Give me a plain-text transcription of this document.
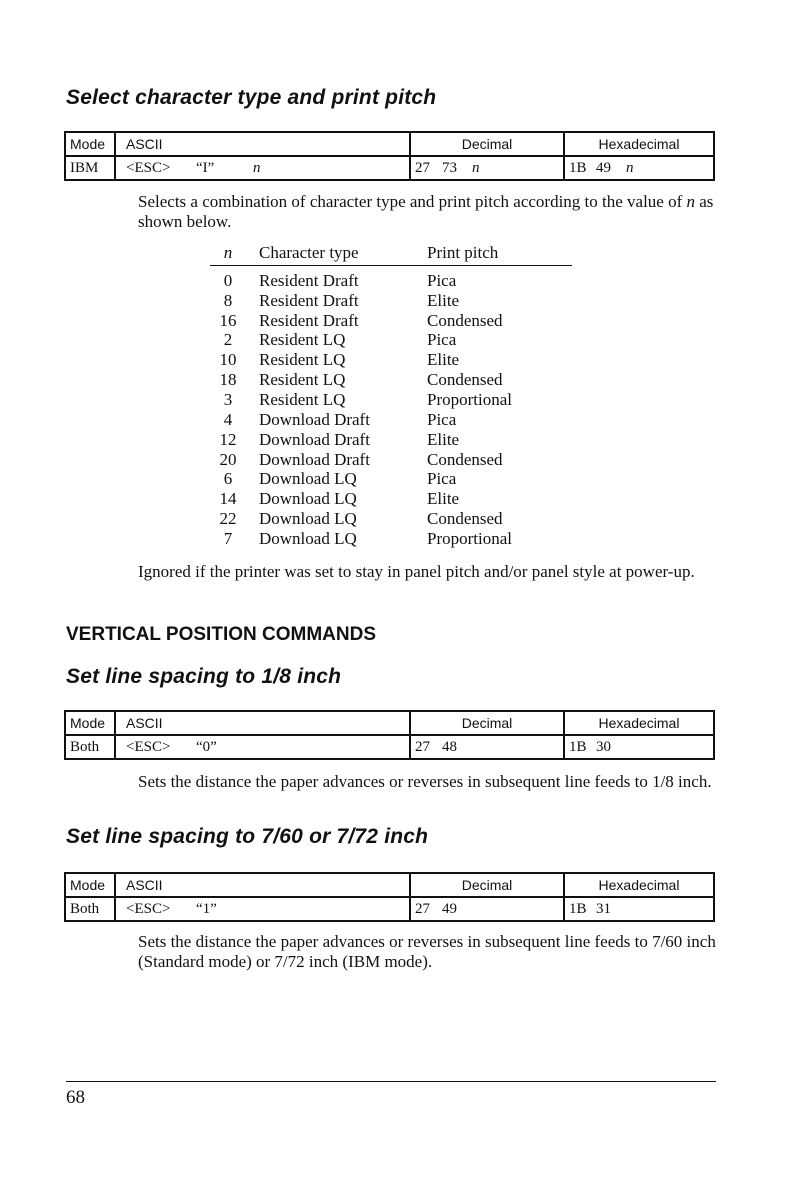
Select character type and print pitch
Mode	ASCII	Decimal	Hexadecimal
IBM	<ESC> “I” n	27 73 n	1B 49 n

Selects a combination of character type and print pitch according to the value of n as shown below.

n	Character type	Print pitch
0	Resident Draft	Pica
8	Resident Draft	Elite
16	Resident Draft	Condensed
2	Resident LQ	Pica
10	Resident LQ	Elite
18	Resident LQ	Condensed
3	Resident LQ	Proportional
4	Download Draft	Pica
12	Download Draft	Elite
20	Download Draft	Condensed
6	Download LQ	Pica
14	Download LQ	Elite
22	Download LQ	Condensed
7	Download LQ	Proportional

Ignored if the printer was set to stay in panel pitch and/or panel style at power-up.

VERTICAL POSITION COMMANDS
Set line spacing to 1/8 inch
Mode	ASCII	Decimal	Hexadecimal
Both	<ESC> “0”	27 48	1B 30

Sets the distance the paper advances or reverses in subsequent line feeds to 1/8 inch.

Set line spacing to 7/60 or 7/72 inch
Mode	ASCII	Decimal	Hexadecimal
Both	<ESC> “1”	27 49	1B 31

Sets the distance the paper advances or reverses in subsequent line feeds to 7/60 inch (Standard mode) or 7/72 inch (IBM mode).

68
